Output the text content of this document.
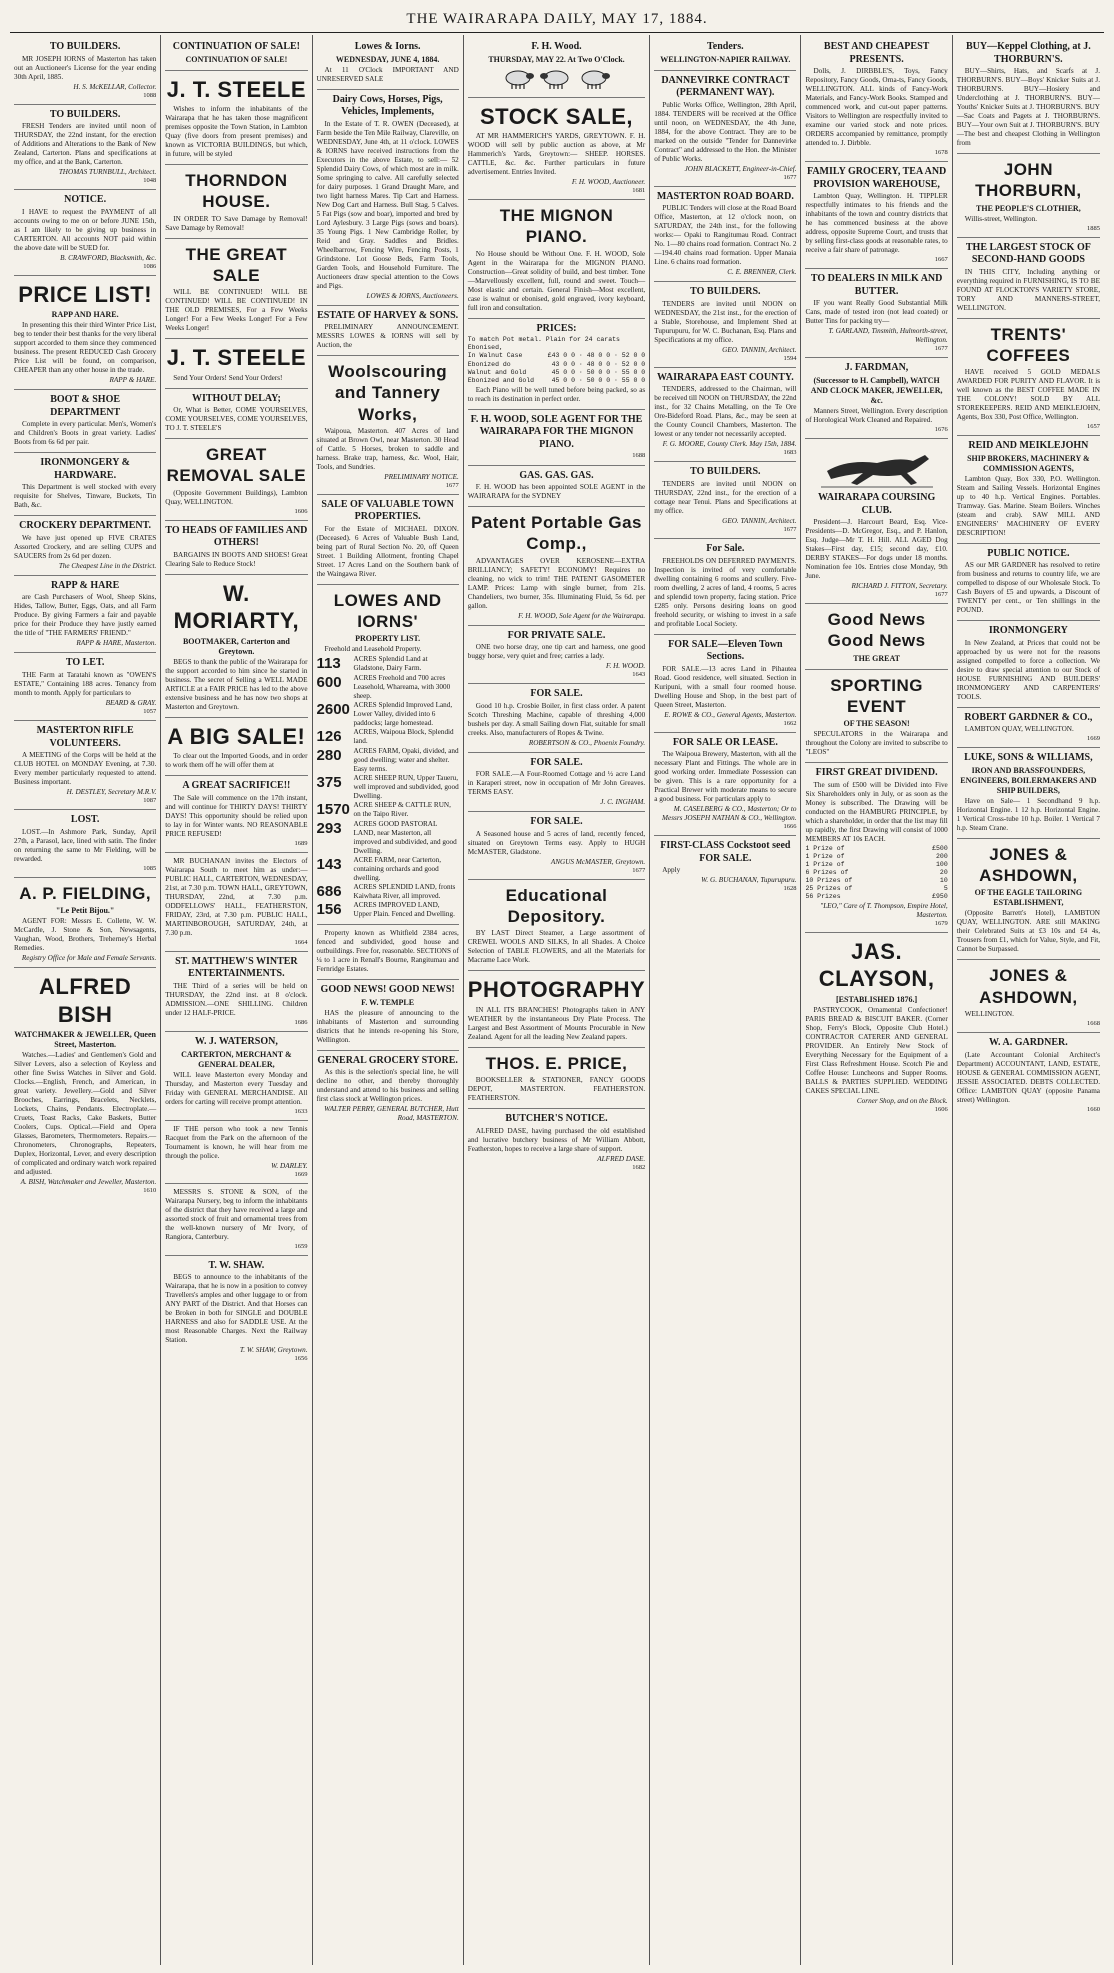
THE WAIRARAPA DAILY, MAY 17, 1884.
TO BUILDERS.
MR JOSEPH IORNS of Masterton has taken out an Auctioneer's License for the year ending 30th April, 1885.
H. S. McKELLAR, Collector.
1088
TO BUILDERS.
FRESH Tenders are invited until noon of THURSDAY, the 22nd instant, for the erection of Additions and Alterations to the Bank of New Zealand, Carterton. Plans and specifications at my office, and at the Bank, Carterton.
THOMAS TURNBULL, Architect.
1048
NOTICE.
I HAVE to request the PAYMENT of all accounts owing to me on or before JUNE 15th, as I am likely to be giving up business in CARTERTON. All accounts NOT paid within the above date will be SUED for.
B. CRAWFORD, Blacksmith, &c.
1086
PRICE LIST!
RAPP AND HARE.
In presenting this their third Winter Price List, beg to tender their best thanks for the very liberal support accorded to them since they commenced business. The present REDUCED Cash Grocery Price List will be found, on comparison, CHEAPER than any other house in the trade.
RAPP & HARE.
BOOT & SHOE DEPARTMENT
Complete in every particular. Men's, Women's and Children's Boots in great variety. Ladies' Boots from 6s 6d per pair.
IRONMONGERY & HARDWARE.
This Department is well stocked with every requisite for Shelves, Tinware, Buckets, Tin Bath, &c.
CROCKERY DEPARTMENT.
We have just opened up FIVE CRATES Assorted Crockery, and are selling CUPS and SAUCERS from 2s 6d per dozen.
The Cheapest Line in the District.
RAPP & HARE
are Cash Purchasers of Wool, Sheep Skins, Hides, Tallow, Butter, Eggs, Oats, and all Farm Produce. By giving Farmers a fair and payable price for their Produce they have justly earned the title of "THE FARMERS' FRIEND."
RAPP & HARE, Masterton.
TO LET.
THE Farm at Taratahi known as "OWEN'S ESTATE," Containing 188 acres. Tenancy from month to month. Apply for particulars to
BEARD & GRAY.
1057
MASTERTON RIFLE VOLUNTEERS.
A MEETING of the Corps will be held at the CLUB HOTEL on MONDAY Evening, at 7.30. Every member particularly requested to attend. Business important.
H. DESTLEY, Secretary M.R.V.
1087
LOST.
LOST.—In Ashmore Park, Sunday, April 27th, a Parasol, lace, lined with satin. The finder on returning the same to Mr Fielding, will be rewarded.
1085
A. P. FIELDING,
"Le Petit Bijou."
AGENT FOR: Messrs E. Collette, W. W. McCardle, J. Stone & Son, Newsagents, Vaughan, Wood, Brothers, Treherney's Herbal Remedies.
Registry Office for Male and Female Servants.
ALFRED BISH
WATCHMAKER & JEWELLER, Queen Street, Masterton.
Watches.—Ladies' and Gentlemen's Gold and Silver Levers, also a selection of Keyless and other fine Swiss Watches in Silver and Gold. Clocks.—English, French, and American, in great variety. Jewellery.—Gold and Silver Brooches, Earrings, Bracelets, Necklets, Lockets, Chains, Pendants. Electroplate.—Cruets, Toast Racks, Cake Baskets, Butter Coolers, Cups. Optical.—Field and Opera Glasses, Barometers, Thermometers. Repairs.—Chronometers, Chronographs, Repeaters, Duplex, Horizontal, Lever, and every description of complicated and ordinary watch work repaired and adjusted.
A. BISH, Watchmaker and Jeweller, Masterton.
1610
CONTINUATION OF SALE!
CONTINUATION OF SALE!
J. T. STEELE
Wishes to inform the inhabitants of the Wairarapa that he has taken those magnificent premises opposite the Town Station, in Lambton Quay (five doors from present premises) and known as VICTORIA BUILDINGS, but which, in future, will be styled
THORNDON HOUSE.
IN ORDER TO Save Damage by Removal! Save Damage by Removal!
THE GREAT SALE
WILL BE CONTINUED! WILL BE CONTINUED! WILL BE CONTINUED! IN THE OLD PREMISES, For a Few Weeks Longer! For a Few Weeks Longer! For a Few Weeks Longer!
J. T. STEELE
Send Your Orders! Send Your Orders!
WITHOUT DELAY;
Or, What is Better, COME YOURSELVES, COME YOURSELVES, COME YOURSELVES, TO J. T. STEELE'S
GREAT REMOVAL SALE
(Opposite Government Buildings), Lambton Quay, WELLINGTON.
1606
TO HEADS OF FAMILIES AND OTHERS!
BARGAINS IN BOOTS AND SHOES! Great Clearing Sale to Reduce Stock!
W. MORIARTY,
BOOTMAKER, Carterton and Greytown.
BEGS to thank the public of the Wairarapa for the support accorded to him since he started in business. The secret of Selling a WELL MADE ARTICLE at a FAIR PRICE has led to the above extensive business and he has now two shops at Masterton and Greytown.
A BIG SALE!
To clear out the Imported Goods, and in order to work them off he will offer them at
A GREAT SACRIFICE!!
The Sale will commence on the 17th instant, and will continue for THIRTY DAYS! THIRTY DAYS! This opportunity should be relied upon to lay in for Winter wants. NO REASONABLE PRICE REFUSED!
1689
MR BUCHANAN invites the Electors of Wairarapa South to meet him as under:— PUBLIC HALL, CARTERTON, WEDNESDAY, 21st, at 7.30 p.m. TOWN HALL, GREYTOWN, THURSDAY, 22nd, at 7.30 p.m. ODDFELLOWS' HALL, FEATHERSTON, FRIDAY, 23rd, at 7.30 p.m. PUBLIC HALL, MARTINBOROUGH, SATURDAY, 24th, at 7.30 p.m.
1664
ST. MATTHEW'S WINTER ENTERTAINMENTS.
THE Third of a series will be held on THURSDAY, the 22nd inst. at 8 o'clock. ADMISSION.—ONE SHILLING. Children under 12 HALF-PRICE.
1686
W. J. WATERSON,
CARTERTON, MERCHANT & GENERAL DEALER,
WILL leave Masterton every Monday and Thursday, and Masterton every Tuesday and Friday with GENERAL MERCHANDISE. All orders for carting will receive prompt attention.
1633
IF THE person who took a new Tennis Racquet from the Park on the afternoon of the Tournament is known, he will hear from me through the police.
W. DARLEY.
1669
MESSRS S. STONE & SON, of the Wairarapa Nursery, beg to inform the inhabitants of the district that they have received a large and assorted stock of fruit and ornamental trees from the well-known nursery of Mr Ivory, of Rangiora, Canterbury.
1659
T. W. SHAW.
BEGS to announce to the inhabitants of the Wairarapa, that he is now in a position to convey Travellers's amples and other luggage to or from ANY PART of the District. And that Horses can be Broken in both for SINGLE and DOUBLE HARNESS and also for SADDLE USE. At the most Reasonable Charges. Next the Railway Station.
T. W. SHAW, Greytown.
1656
Lowes & Iorns.
WEDNESDAY, JUNE 4, 1884.
At 11 O'Clock IMPORTANT AND UNRESERVED SALE
Dairy Cows, Horses, Pigs, Vehicles, Implements,
In the Estate of T. R. OWEN (Deceased), at Farm beside the Ten Mile Railway, Clareville, on WEDNESDAY, June 4th, at 11 o'clock. LOWES & IORNS have received instructions from the Executors in the above Estate, to sell:— 52 Splendid Dairy Cows, of which most are in milk. Some springing to calve. All carefully selected for dairy purposes. 1 Grand Draught Mare, and two light harness Mares. Tip Cart and Harness. New Dog Cart and Harness. Bull Stag. 5 Calves. 5 Fat Pigs (sow and boar), imported and bred by Lord Aylesbury. 3 Large Pigs (sows and boars). 35 Young Pigs. 1 New Cambridge Roller, by Reid and Gray. Saddles and Bridles. Wheelbarrow, Fencing Wire, Fencing Posts, 1 Grindstone. Lot Goose Beds, Farm Tools, Garden Tools, and Household Furniture. The Auctioneers draw special attention to the Cows and Pigs.
LOWES & IORNS, Auctioneers.
ESTATE OF HARVEY & SONS.
PRELIMINARY ANNOUNCEMENT. MESSRS LOWES & IORNS will sell by Auction, the
Woolscouring and Tannery Works,
Waipoua, Masterton. 407 Acres of land situated at Brown Owl, near Masterton. 30 Head of Cattle. 5 Horses, broken to saddle and harness. Brake trap, harness, &c. Wool, Hair, Tools, and Sundries.
PRELIMINARY NOTICE.
1677
SALE OF VALUABLE TOWN PROPERTIES.
For the Estate of MICHAEL DIXON. (Deceased). 6 Acres of Valuable Bush Land, being part of Rural Section No. 20, off Queen Street. 1 Building Allotment, fronting Chapel Street. 17 Acres Land on the Southern bank of the Waingawa River.
LOWES AND IORNS'
PROPERTY LIST.
Freehold and Leasehold Property.
113	ACRES Splendid Land at Gladstone, Dairy Farm.
600	ACRES Freehold and 700 acres Leasehold, Whareama, with 3000 sheep.
2600 ACRES Splendid Improved Land, Lower Valley, divided into 6 paddocks; large homestead.
126	ACRES, Waipoua Block, Splendid land.
280	ACRES FARM, Opaki, divided, and good dwelling; water and shelter. Easy terms.
375	ACRE SHEEP RUN, Upper Taueru, well improved and subdivided, good Dwelling.
1570 ACRE SHEEP & CATTLE RUN, on the Taipo River.
293	ACRES GOOD PASTORAL LAND, near Masterton, all improved and subdivided, and good Dwelling.
143	ACRE FARM, near Carterton, containing orchards and good dwelling.
686	ACRES SPLENDID LAND, fronts Kaiwhata River, all improved.
156	ACRES IMPROVED LAND, Upper Plain. Fenced and Dwelling.
Property known as Whitfield 2384 acres, fenced and subdivided, good house and outbuildings. Free for, reasonable. SECTIONS of ¼ to 1 acre in Renall's Bourne, Rangitumau and Fernridge Estates.
GOOD NEWS! GOOD NEWS!
F. W. TEMPLE
HAS the pleasure of announcing to the inhabitants of Masterton and surrounding districts that he intends re-opening his Store, Wellington.
GENERAL GROCERY STORE.
As this is the selection's special line, he will decline no other, and thereby thoroughly understand and attend to his business and selling first class stock at Wellington prices.
WALTER PERRY, GENERAL BUTCHER, Hutt Road, MASTERTON.
F. H. Wood.
THURSDAY, MAY 22. At Two O'Clock.
STOCK SALE,
AT MR HAMMERICH'S YARDS, GREYTOWN. F. H. WOOD will sell by public auction as above, at Mr Hammerich's Yards, Greytown:— SHEEP. HORSES. CATTLE, &c. &c. Further particulars in future advertisement. Entries Invited.
F. H. WOOD, Auctioneer.
1681
THE MIGNON PIANO.
No House should be Without One. F. H. WOOD, Sole Agent in the Wairarapa for the MIGNON PIANO. Construction—Great solidity of build, and best timber. Tone—Marvellously excellent, full, round and sweet. Touch—Most elastic and certain. General Finish—Most excellent, case is walnut or ebonised, gold engraved, ivory keyboard, full iron and consultation.
PRICES:
To match Pot metal. Plain for 24 carats Ebonised,
In Walnut Case	£43 0 0 · 48 0 0 · 52 0 0
Ebonized do	43 0 0 · 48 0 0 · 52 0 0
Walnut and Gold	45 0 0 · 50 0 0 · 55 0 0
Ebonized and Gold	45 0 0 · 50 0 0 · 55 0 0
Each Piano will be well tuned before being packed, so as to reach its destination in perfect order.
F. H. WOOD, SOLE AGENT FOR THE WAIRARAPA FOR THE MIGNON PIANO.
1688
GAS. GAS. GAS.
F. H. WOOD has been appointed SOLE AGENT in the WAIRARAPA for the SYDNEY
Patent Portable Gas Comp.,
ADVANTAGES OVER KEROSENE—EXTRA BRILLIANCY; SAFETY! ECONOMY! Requires no cleaning, no wick to trim! THE PATENT GASOMETER LAMP. Prices: Lamp with single burner, from 21s. Chandeliers, two burner, 35s. Illuminating Fluid, 5s 6d. per gallon.
F. H. WOOD, Sole Agent for the Wairarapa.
FOR PRIVATE SALE.
ONE two horse dray, one tip cart and harness, one good buggy horse, very quiet and free; carries a lady.
F. H. WOOD.
1643
FOR SALE.
Good 10 h.p. Crosbie Boiler, in first class order. A patent Scotch Threshing Machine, capable of threshing 4,000 bushels per day. A small Sailing down Flat, suitable for small creeks. Also, manufacturers of Ropes & Twine.
ROBERTSON & CO., Phoenix Foundry.
FOR SALE.
FOR SALE.—A Four-Roomed Cottage and ½ acre Land in Karaperi street, now in occupation of Mr John Greaves. TERMS EASY.
J. C. INGHAM.
FOR SALE.
A Seasoned house and 5 acres of land, recently fenced, situated on Greytown Terms easy. Apply to HUGH McMASTER, Gladstone.
ANGUS McMASTER, Greytown.
1677
Educational Depository.
BY LAST Direct Steamer, a Large assortment of CREWEL WOOLS AND SILKS, In all Shades. A Choice Selection of TABLE FLOWERS, and all the Materials for Macrame Lace Work.
PHOTOGRAPHY
IN ALL ITS BRANCHES! Photographs taken in ANY WEATHER by the instantaneous Dry Plate Process. The Largest and Best Assortment of Mounts Procurable in New Zealand. Agent for all the leading New Zealand papers.
THOS. E. PRICE,
BOOKSELLER & STATIONER, FANCY GOODS DEPOT, MASTERTON. FEATHERSTON. FEATHERSTON.
BUTCHER'S NOTICE.
ALFRED DASE, having purchased the old established and lucrative butchery business of Mr William Abbott, Featherston, hopes to receive a large share of support.
ALFRED DASE.
1682
Tenders.
WELLINGTON-NAPIER RAILWAY.
DANNEVIRKE CONTRACT (PERMANENT WAY).
Public Works Office, Wellington, 28th April, 1884. TENDERS will be received at the Office until noon, on WEDNESDAY, the 4th June, 1884, for the above Contract. They are to be marked on the outside "Tender for Dannevirke Contract" and addressed to the Hon. the Minister of Public Works.
JOHN BLACKETT, Engineer-in-Chief.
1677
MASTERTON ROAD BOARD.
PUBLIC Tenders will close at the Road Board Office, Masterton, at 12 o'clock noon, on SATURDAY, the 24th inst., for the following works:— Opaki to Rangitumau Road. Contract No. 1—80 chains road formation. Contract No. 2—194.40 chains road formation. Upper Manaia Line. 6 chains road formation.
C. E. BRENNER, Clerk.
TO BUILDERS.
TENDERS are invited until NOON on WEDNESDAY, the 21st inst., for the erection of a Stable, Storehouse, and Implement Shed at Tupurupuru, for W. C. Buchanan, Esq. Plans and Specifications at my office.
GEO. TANNIN, Architect.
1594
WAIRARAPA EAST COUNTY.
TENDERS, addressed to the Chairman, will be received till NOON on THURSDAY, the 22nd inst., for 32 Chains Metalling, on the Te Ore Ore-Bideford Road. Plans, &c., may be seen at the County Council Chambers, Masterton. The lowest or any tender not necessarily accepted.
F. G. MOORE, County Clerk. May 15th, 1884.
1683
TO BUILDERS.
TENDERS are invited until NOON on THURSDAY, 22nd inst., for the erection of a cottage near Tenui. Plans and Specifications at my office.
GEO. TANNIN, Architect.
1677
For Sale.
FREEHOLDS ON DEFERRED PAYMENTS. Inspection is invited of very comfortable dwelling containing 6 rooms and scullery. Five-room dwelling, 2 acres of land, 4 rooms, 5 acres and splendid town property, facing station. Price £285 only. Persons desiring loans on good freehold security, or wishing to invest in a safe and profitable Local Society.
FOR SALE—Eleven Town Sections.
FOR SALE.—13 acres Land in Pihautea Road. Good residence, well situated. Section in Kuripuni, with a small four roomed house. Dwelling House and Shop, in the best part of Queen Street, Masterton.
E. ROWE & CO., General Agents, Masterton.
1662
FOR SALE OR LEASE.
The Waipoua Brewery, Masterton, with all the necessary Plant and Fittings. The whole are in good working order. Immediate Possession can be given. This is a rare opportunity for a Practical Brewer with moderate means to secure a good business. For particulars apply to
M. CASELBERG & CO., Masterton; Or to Messrs JOSEPH NATHAN & CO., Wellington.
1666
FIRST-CLASS Cockstoot seed FOR SALE.
Apply
W. G. BUCHANAN, Tupurupuru.
1628
BEST AND CHEAPEST PRESENTS.
Dolls, J. DIRBBLE'S, Toys, Fancy Repository, Fancy Goods, Orna-ts, Fancy Goods, WELLINGTON. ALL kinds of Fancy-Work Materials, and Fancy-Work Books. Stamped and commenced work, and cut-out paper patterns. Visitors to Wellington are respectfully invited to examine our varied stock and note prices. ORDERS accompanied by remittance, promptly attended to. J. Dirbble.
1678
FAMILY GROCERY, TEA AND PROVISION WAREHOUSE,
Lambton Quay, Wellington. H. TIPPLER respectfully intimates to his friends and the inhabitants of the town and country districts that he has commenced business at the above address, opposite Supreme Court, and trusts that by selling first-class goods at reasonable rates, to receive a fair share of patronage.
1667
TO DEALERS IN MILK AND BUTTER.
IF you want Really Good Substantial Milk Cans, made of tested iron (not lead coated) or Butter Tins for packing try—
T. GARLAND, Tinsmith, Hulmorth-street, Wellington.
1677
J. FARDMAN,
(Successor to H. Campbell), WATCH AND CLOCK MAKER, JEWELLER, &c.
Manners Street, Wellington. Every description of Horological Work Cleaned and Repaired.
1676
WAIRARAPA COURSING CLUB.
President—J. Harcourt Beard, Esq. Vice-Presidents—D. McGregor, Esq., and P. Hanlon, Esq. Judge—Mr T. H. Hill. ALL AGED Dog Stakes—First day, £15; second day, £10. DERBY STAKES—For dogs under 18 months. Nomination fee 10s. Entries close Monday, 9th June.
RICHARD J. FITTON, Secretary.
1677
Good News Good News
THE GREAT
SPORTING EVENT
OF THE SEASON!
SPECULATORS in the Wairarapa and throughout the Colony are invited to subscribe to "LEOS"
FIRST GREAT DIVIDEND.
The sum of £500 will be Divided into Five Six Shareholders only in July, or as soon as the Money is subscribed. The Drawing will be conducted on the HAMBURG PRINCIPLE, by which a shareholder, in order that the list may fill up rapidly, the first Drawing will consist of 1000 MEMBERS AT 10s EACH.
1 Prize of	£500
1 Prize of	200
1 Prize of	100
6 Prizes of	20
10 Prizes of	10
25 Prizes of	5
56 Prizes	£950
"LEO," Care of T. Thompson, Empire Hotel, Masterton.
1679
JAS. CLAYSON,
[ESTABLISHED 1876.]
PASTRYCOOK, Ornamental Confectioner! PARIS BREAD & BISCUIT BAKER. (Corner Shop, Ferry's Block, Opposite Club Hotel.) CONTRACTOR CATERER AND GENERAL PROVIDER. An Entirely New Stock of Everything Necessary for the Equipment of a First Class Refreshment House. Scotch Pie and Coffee House: Luncheons and Supper Rooms. BALLS & PARTIES SUPPLIED. WEDDING CAKES SPECIAL LINE.
Corner Shop, and on the Block.
1606
BUY—Keppel Clothing, at J. THORBURN'S.
BUY—Shirts, Hats, and Scarfs at J. THORBURN'S. BUY—Boys' Knicker Suits at J. THORBURN'S. BUY—Hosiery and Underclothing at J. THORBURN'S. BUY—Youths' Knicker Suits at J. THORBURN'S. BUY—Sac Coats and Pagets at J. THORBURN'S. BUY—Your own Suit at J. THORBURN'S. BUY—The best and cheapest Clothing in Wellington from
JOHN THORBURN,
THE PEOPLE'S CLOTHIER,
Willis-street, Wellington.
1885
THE LARGEST STOCK OF SECOND-HAND GOODS
IN THIS CITY, Including anything or everything required in FURNISHING, IS TO BE FOUND AT FLOCKTON'S VARIETY STORE, TORY AND MANNERS-STREET, WELLINGTON.
TRENTS' COFFEES
HAVE received 5 GOLD MEDALS AWARDED FOR PURITY AND FLAVOR. It is well known as the BEST COFFEE MADE IN THE COLONY! SOLD BY ALL STOREKEEPERS. REID AND MEIKLEJOHN, Agents, Box 330, Post Office, Wellington.
1657
REID AND MEIKLEJOHN
SHIP BROKERS, MACHINERY & COMMISSION AGENTS,
Lambton Quay, Box 330, P.O. Wellington. Steam and Sailing Vessels. Horizontal Engines up to 40 h.p. Vertical Engines. Portables. Tramway. Gas. Marine. Steam Boilers. Winches (steam and crab). SAW MILL AND ENGINEERS' MACHINERY OF EVERY DESCRIPTION!
PUBLIC NOTICE.
AS our MR GARDNER has resolved to retire from business and returns to country life, we are compelled to dispose of our Wholesale Stock. To Cash Buyers of £5 and upwards, a Discount of TWENTY per cent., or Ten shillings in the POUND.
IRONMONGERY
In New Zealand, at Prices that could not be approached by us were not for the reasons assigned compelled to force a collection. We desire to draw special attention to our Stock of HOUSE FURNISHING AND BUILDERS' IRONMONGERY AND CARPENTERS' TOOLS.
ROBERT GARDNER & CO.,
LAMBTON QUAY, WELLINGTON.
1669
LUKE, SONS & WILLIAMS,
IRON AND BRASSFOUNDERS, ENGINEERS, BOILERMAKERS AND SHIP BUILDERS,
Have on Sale— 1 Secondhand 9 h.p. Horizontal Engine. 1 12 h.p. Horizontal Engine. 1 Vertical Cross-tube 10 h.p. Boiler. 1 Vertical 7 h.p. Steam Crane.
JONES & ASHDOWN,
OF THE EAGLE TAILORING ESTABLISHMENT,
(Opposite Barrett's Hotel), LAMBTON QUAY, WELLINGTON. ARE still MAKING their Celebrated Suits at £3 10s and £4 4s, Trousers from £1, which for Value, Style, and Fit, Cannot be Surpassed.
JONES & ASHDOWN,
WELLINGTON.
1668
W. A. GARDNER.
(Late Accountant Colonial Architect's Department) ACCOUNTANT, LAND, ESTATE, HOUSE & GENERAL COMMISSION AGENT, JESSIE ASSOCIATED. DEBTS COLLECTED. Office: LAMBTON QUAY (opposite Panama street) Wellington.
1660
